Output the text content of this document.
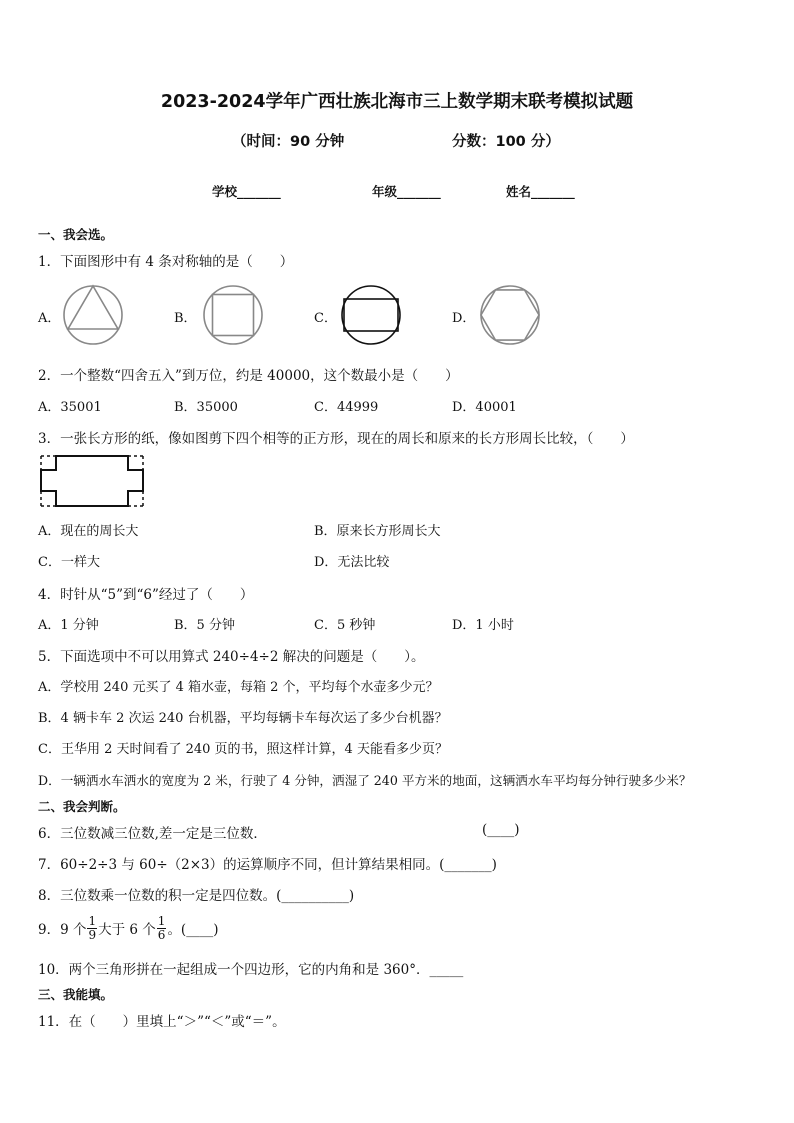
2023-2024学年广西壮族北海市三上数学期末联考模拟试题
（时间：90 分钟	分数：100 分）
学校_______	年级_______	姓名_______
一、我会选。
1．下面图形中有 4 条对称轴的是（　　）
A．	B．	C．	D．
2．一个整数“四舍五入”到万位，约是 40000，这个数最小是（　　）
A．35001	B．35000	C．44999	D．40001
3．一张长方形的纸，像如图剪下四个相等的正方形，现在的周长和原来的长方形周长比较，（　　）
A．现在的周长大	B．原来长方形周长大
C．一样大	D．无法比较
4．时针从“5”到“6”经过了（　　）
A．1 分钟	B．5 分钟	C．5 秒钟	D．1 小时
5．下面选项中不可以用算式 240÷4÷2 解决的问题是（　　）。
A．学校用 240 元买了 4 箱水壶，每箱 2 个，平均每个水壶多少元？
B．4 辆卡车 2 次运 240 台机器，平均每辆卡车每次运了多少台机器？
C．王华用 2 天时间看了 240 页的书，照这样计算，4 天能看多少页？
D．一辆洒水车洒水的宽度为 2 米，行驶了 4 分钟，洒湿了 240 平方米的地面，这辆洒水车平均每分钟行驶多少米？
二、我会判断。
6．三位数减三位数,差一定是三位数．	(____)
7．60÷2÷3 与 60÷（2×3）的运算顺序不同，但计算结果相同。(_______)
8．三位数乘一位数的积一定是四位数。(__________)
9．9 个 $\frac{1}{9}$ 大于 6 个 $\frac{1}{6}$ 。(____)
10．两个三角形拼在一起组成一个四边形，它的内角和是 360°．_____
三、我能填。
11．在（　　）里填上“＞”“＜”或“＝”。
